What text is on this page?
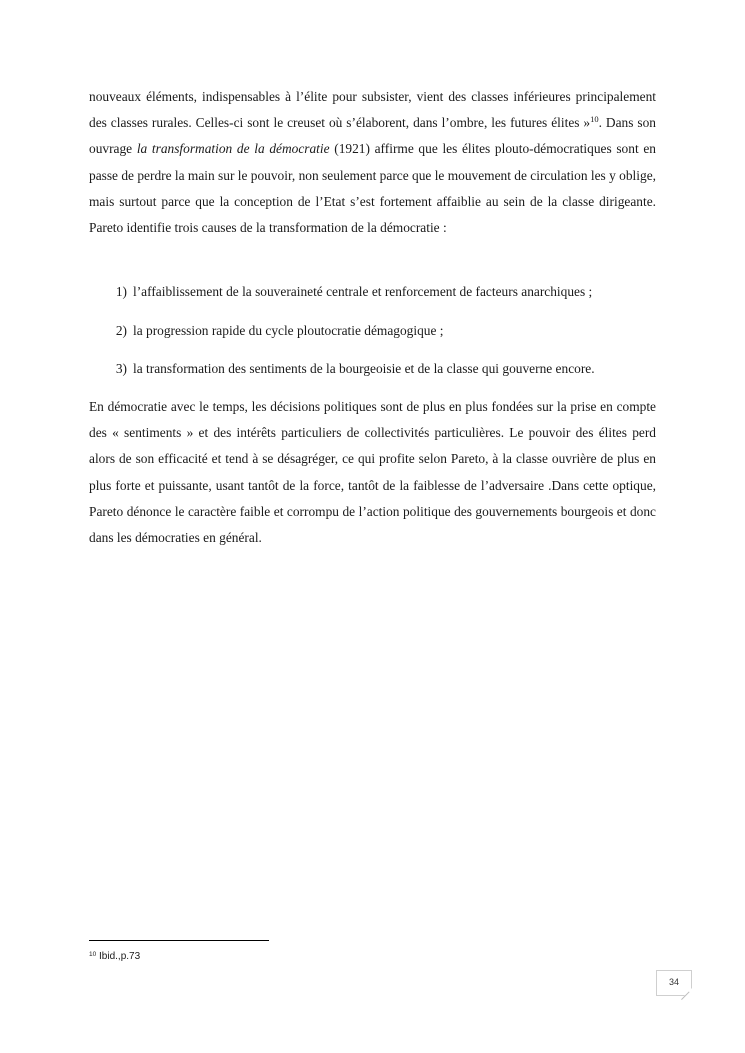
nouveaux éléments, indispensables à l’élite pour subsister, vient des classes inférieures principalement des classes rurales. Celles-ci sont le creuset où s’élaborent, dans l’ombre, les futures élites »$^{10}$. Dans son ouvrage la transformation de la démocratie (1921) affirme que les élites plouto-démocratiques sont en passe de perdre la main sur le pouvoir, non seulement parce que le mouvement de circulation les y oblige, mais surtout parce que la conception de l’Etat s’est fortement affaiblie au sein de la classe dirigeante. Pareto identifie trois causes de la transformation de la démocratie :

1) l’affaiblissement de la souveraineté centrale et renforcement de facteurs anarchiques ;
2) la progression rapide du cycle ploutocratie démagogique ;
3) la transformation des sentiments de la bourgeoisie et de la classe qui gouverne encore.

En démocratie avec le temps, les décisions politiques sont de plus en plus fondées sur la prise en compte des « sentiments » et des intérêts particuliers de collectivités particulières. Le pouvoir des élites perd alors de son efficacité et tend à se désagréger, ce qui profite selon Pareto, à la classe ouvrière de plus en plus forte et puissante, usant tantôt de la force, tantôt de la faiblesse de l’adversaire .Dans cette optique, Pareto dénonce le caractère faible et corrompu de l’action politique des gouvernements bourgeois et donc dans les démocraties en général.

$^{10}$ Ibid.,p.73
34
